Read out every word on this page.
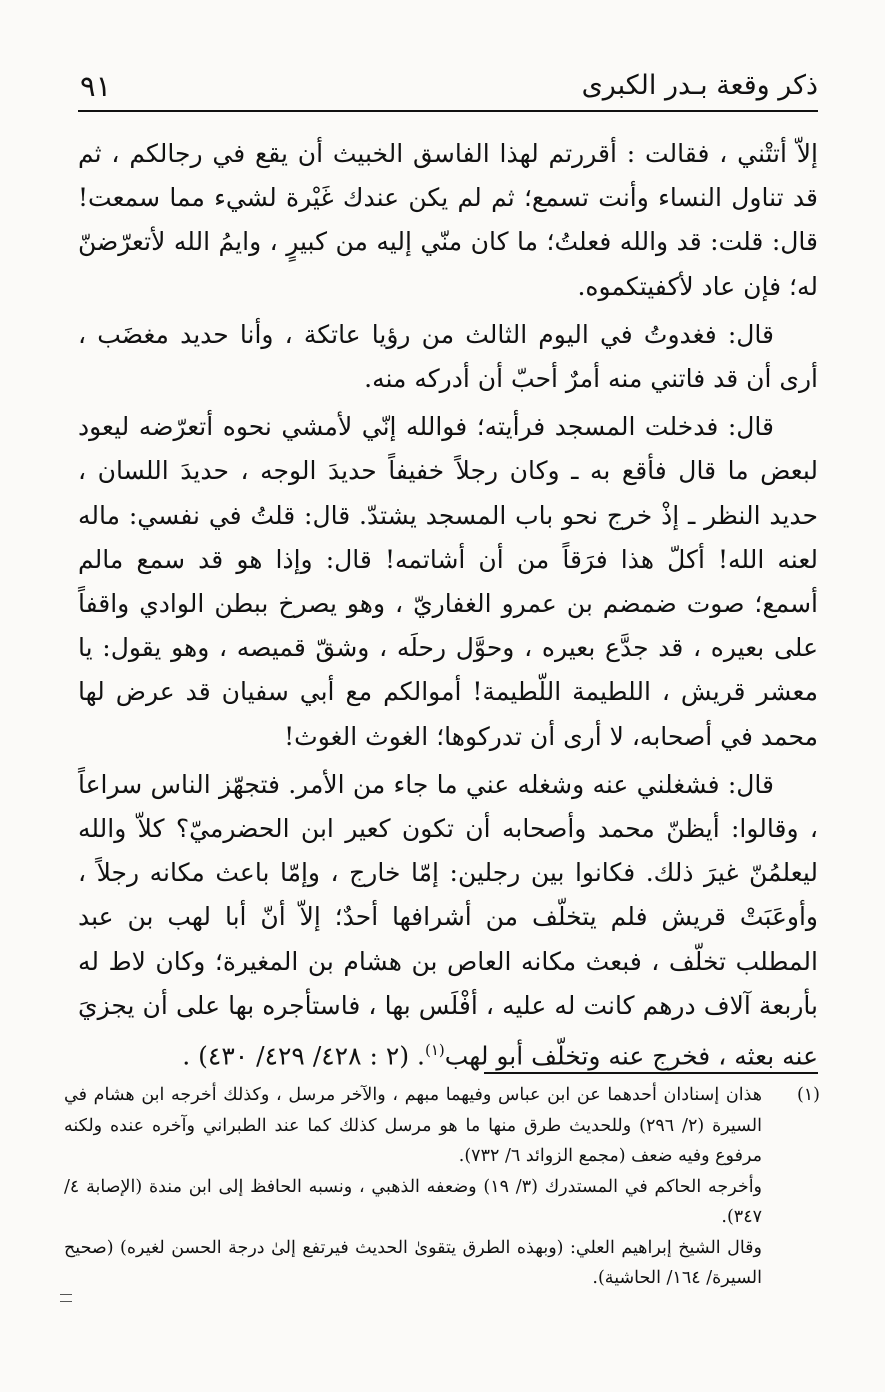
ذكر وقعة بـدر الكبرى
٩١

إلاّ أتتْني ، فقالت : أقررتم لهذا الفاسق الخبيث أن يقع في رجالكم ، ثم قد تناول النساء وأنت تسمع؛ ثم لم يكن عندك غَيْرة لشيء مما سمعت! قال: قلت: قد والله فعلتُ؛ ما كان منّي إليه من كبيرٍ ، وايمُ الله لأتعرّضنّ له؛ فإن عاد لأكفيتكموه.

قال: فغدوتُ في اليوم الثالث من رؤيا عاتكة ، وأنا حديد مغضَب ، أرى أن قد فاتني منه أمرٌ أحبّ أن أدركه منه.

قال: فدخلت المسجد فرأيته؛ فوالله إنّي لأمشي نحوه أتعرّضه ليعود لبعض ما قال فأقع به ـ وكان رجلاً خفيفاً حديدَ الوجه ، حديدَ اللسان ، حديد النظر ـ إذْ خرج نحو باب المسجد يشتدّ. قال: قلتُ في نفسي: ماله لعنه الله! أكلّ هذا فرَقاً من أن أشاتمه! قال: وإذا هو قد سمع مالم أسمع؛ صوت ضمضم بن عمرو الغفاريّ ، وهو يصرخ ببطن الوادي واقفاً على بعيره ، قد جدَّع بعيره ، وحوَّل رحلَه ، وشقّ قميصه ، وهو يقول: يا معشر قريش ، اللطيمة اللّطيمة! أموالكم مع أبي سفيان قد عرض لها محمد في أصحابه، لا أرى أن تدركوها؛ الغوث الغوث!

قال: فشغلني عنه وشغله عني ما جاء من الأمر. فتجهّز الناس سراعاً ، وقالوا: أيظنّ محمد وأصحابه أن تكون كعير ابن الحضرميّ؟ كلاّ والله ليعلمُنّ غيرَ ذلك. فكانوا بين رجلين: إمّا خارج ، وإمّا باعث مكانه رجلاً ، وأوعَبَتْ قريش فلم يتخلّف من أشرافها أحدٌ؛ إلاّ أنّ أبا لهب بن عبد المطلب تخلّف ، فبعث مكانه العاص بن هشام بن المغيرة؛ وكان لاط له بأربعة آلاف درهم كانت له عليه ، أفْلَس بها ، فاستأجره بها على أن يجزيَ عنه بعثه ، فخرج عنه وتخلّف أبو لهب$^{(١)}$. (٢ : ٤٢٨/ ٤٢٩/ ٤٣٠) .

(١)

هذان إسنادان أحدهما عن ابن عباس وفيهما مبهم ، والآخر مرسل ، وكذلك أخرجه ابن هشام في السيرة (٢/ ٢٩٦) وللحديث طرق منها ما هو مرسل كذلك كما عند الطبراني وآخره عنده ولكنه مرفوع وفيه ضعف (مجمع الزوائد ٦/ ٧٣٢).

وأخرجه الحاكم في المستدرك (٣/ ١٩) وضعفه الذهبي ، ونسبه الحافظ إلى ابن مندة (الإصابة ٤/ ٣٤٧).

وقال الشيخ إبراهيم العلي: (وبهذه الطرق يتقوىٰ الحديث فيرتفع إلىٰ درجة الحسن لغيره) (صحيح السيرة/ ١٦٤/ الحاشية).
